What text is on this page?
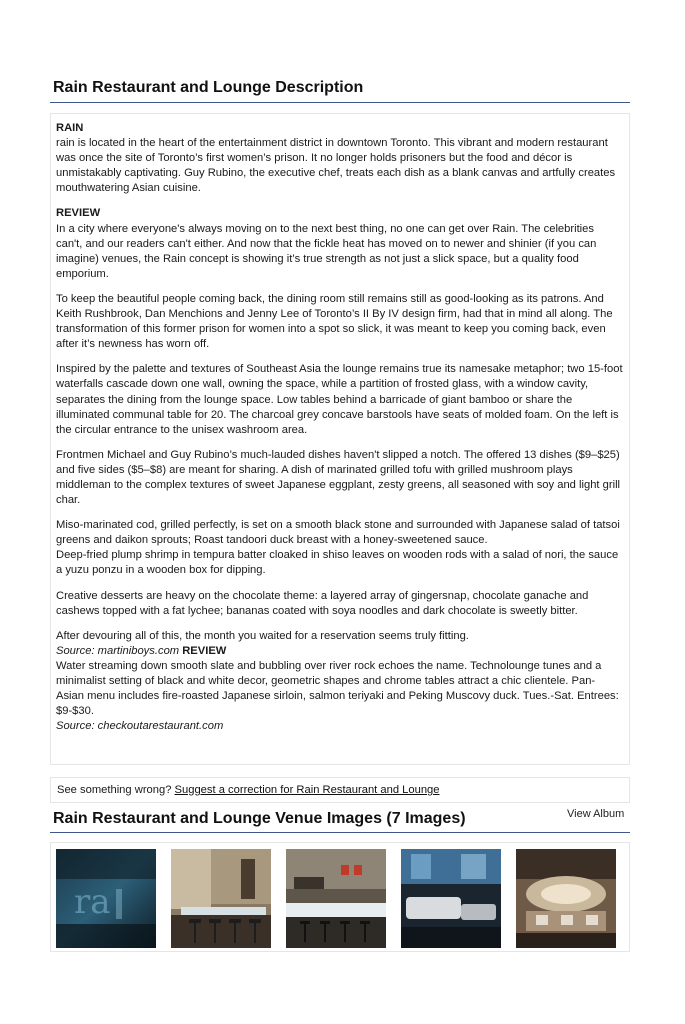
Rain Restaurant and Lounge Description

RAIN
rain is located in the heart of the entertainment district in downtown Toronto. This vibrant and modern restaurant was once the site of Toronto’s first women’s prison. It no longer holds prisoners but the food and décor is unmistakably captivating. Guy Rubino, the executive chef, treats each dish as a blank canvas and artfully creates mouthwatering Asian cuisine.

REVIEW
In a city where everyone's always moving on to the next best thing, no one can get over Rain. The celebrities can't, and our readers can't either. And now that the fickle heat has moved on to newer and shinier (if you can imagine) venues, the Rain concept is showing it’s true strength as not just a slick space, but a quality food emporium.

To keep the beautiful people coming back, the dining room still remains still as good-looking as its patrons. And Keith Rushbrook, Dan Menchions and Jenny Lee of Toronto’s II By IV design firm, had that in mind all along. The transformation of this former prison for women into a spot so slick, it was meant to keep you coming back, even after it’s newness has worn off.

Inspired by the palette and textures of Southeast Asia the lounge remains true its namesake metaphor; two 15-foot waterfalls cascade down one wall, owning the space, while a partition of frosted glass, with a window cavity, separates the dining from the lounge space. Low tables behind a barricade of giant bamboo or share the illuminated communal table for 20. The charcoal grey concave barstools have seats of molded foam. On the left is the circular entrance to the unisex washroom area.

Frontmen Michael and Guy Rubino’s much-lauded dishes haven't slipped a notch. The offered 13 dishes ($9–$25) and five sides ($5–$8) are meant for sharing. A dish of marinated grilled tofu with grilled mushroom plays middleman to the complex textures of sweet Japanese eggplant, zesty greens, all seasoned with soy and light grill char.

Miso-marinated cod, grilled perfectly, is set on a smooth black stone and surrounded with Japanese salad of tatsoi greens and daikon sprouts; Roast tandoori duck breast with a honey-sweetened sauce.

Deep-fried plump shrimp in tempura batter cloaked in shiso leaves on wooden rods with a salad of nori, the sauce a yuzu ponzu in a wooden box for dipping.

Creative desserts are heavy on the chocolate theme: a layered array of gingersnap, chocolate ganache and cashews topped with a fat lychee; bananas coated with soya noodles and dark chocolate is sweetly bitter.

After devouring all of this, the month you waited for a reservation seems truly fitting.
Source: martiniboys.com REVIEW
Water streaming down smooth slate and bubbling over river rock echoes the name. Technolounge tunes and a minimalist setting of black and white decor, geometric shapes and chrome tables attract a chic clientele. Pan-Asian menu includes fire-roasted Japanese sirloin, salmon teriyaki and Peking Muscovy duck. Tues.-Sat. Entrees: $9-$30.
Source: checkoutarestaurant.com

See something wrong? Suggest a correction for Rain Restaurant and Lounge
Rain Restaurant and Lounge Venue Images (7 Images)	View Album
ra
